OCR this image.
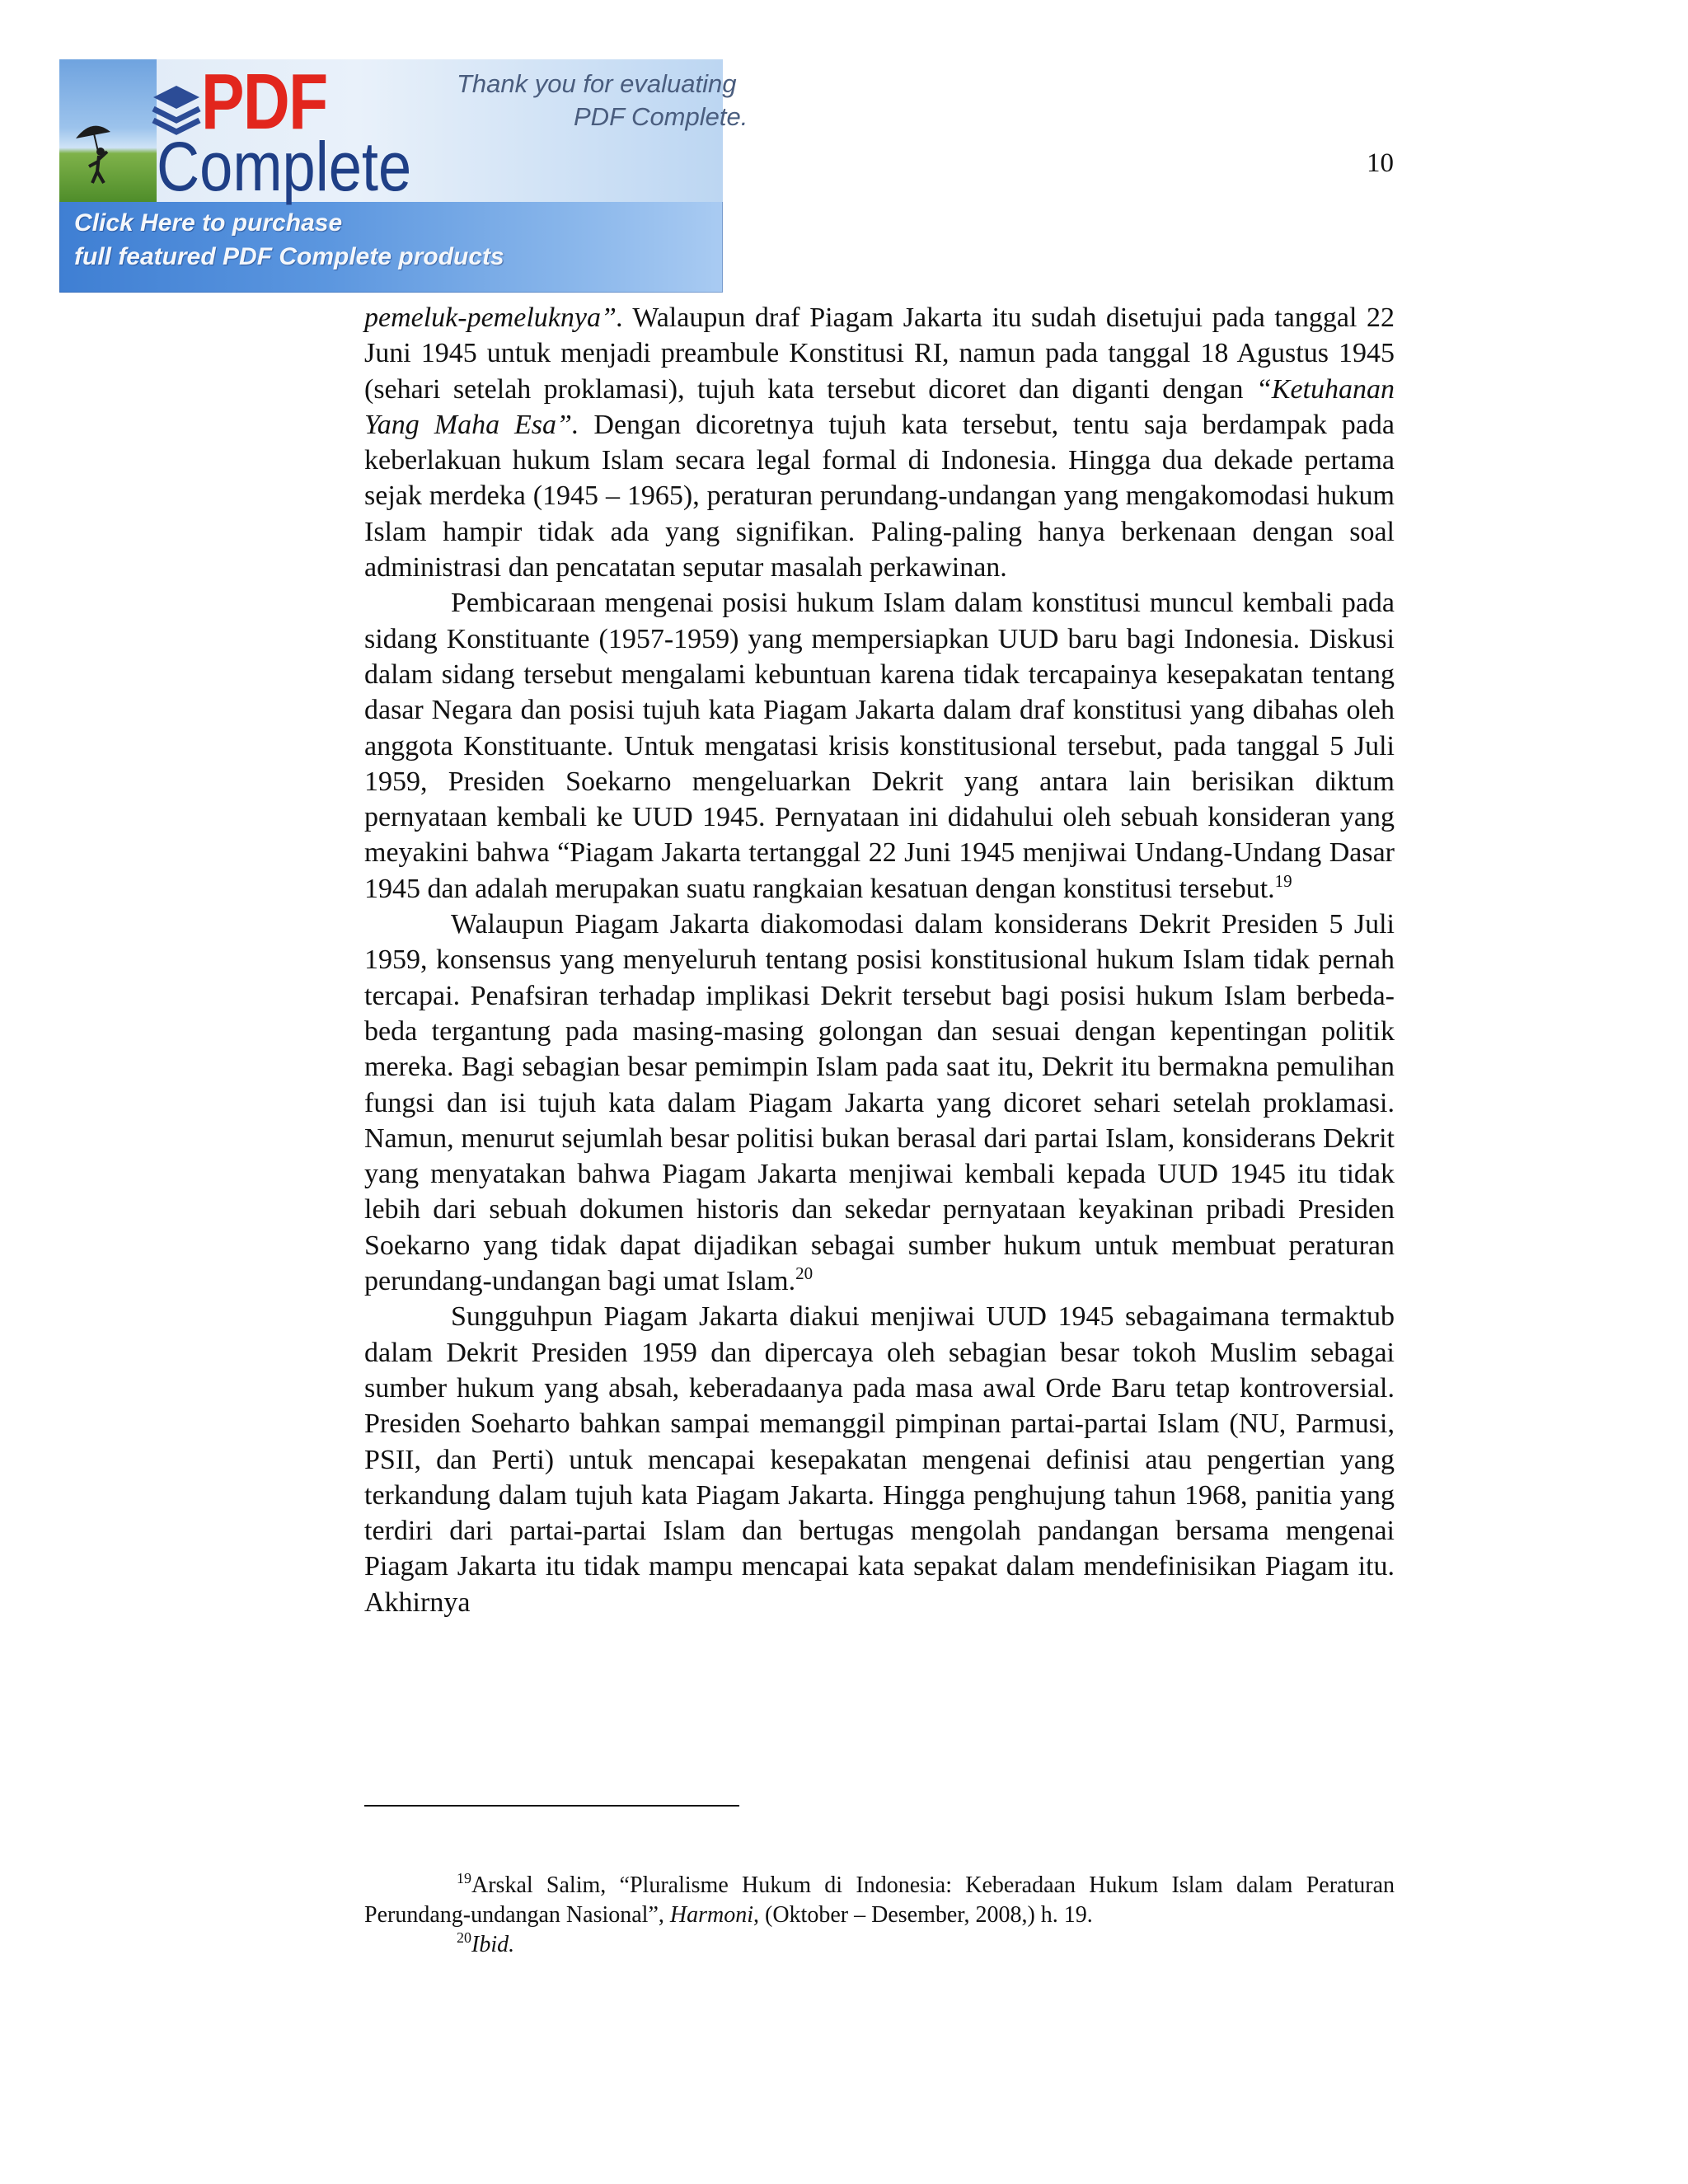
PDF
Complete
Thank you for evaluating
PDF Complete.
Click Here to purchase
full featured PDF Complete products
10

pemeluk-pemeluknya”. Walaupun draf Piagam Jakarta itu sudah disetujui pada tanggal 22 Juni 1945 untuk menjadi preambule Konstitusi RI, namun pada tanggal 18 Agustus 1945 (sehari setelah proklamasi), tujuh kata tersebut dicoret dan diganti dengan “Ketuhanan Yang Maha Esa”. Dengan dicoretnya tujuh kata tersebut, tentu saja berdampak pada keberlakuan hukum Islam secara legal formal di Indonesia. Hingga dua dekade pertama sejak merdeka (1945 – 1965), peraturan perundang-undangan yang mengakomodasi hukum Islam hampir tidak ada yang signifikan. Paling-paling hanya berkenaan dengan soal administrasi dan pencatatan seputar masalah perkawinan.

Pembicaraan mengenai posisi hukum Islam dalam konstitusi muncul kembali pada sidang Konstituante (1957-1959) yang mempersiapkan UUD baru bagi Indonesia. Diskusi dalam sidang tersebut mengalami kebuntuan karena tidak tercapainya kesepakatan tentang dasar Negara dan posisi tujuh kata Piagam Jakarta dalam draf konstitusi yang dibahas oleh anggota Konstituante. Untuk mengatasi krisis konstitusional tersebut, pada tanggal 5 Juli 1959, Presiden Soekarno mengeluarkan Dekrit yang antara lain berisikan diktum pernyataan kembali ke UUD 1945. Pernyataan ini didahului oleh sebuah konsideran yang meyakini bahwa “Piagam Jakarta tertanggal 22 Juni 1945 menjiwai Undang-Undang Dasar 1945 dan adalah merupakan suatu rangkaian kesatuan dengan konstitusi tersebut.$^{19}$

Walaupun Piagam Jakarta diakomodasi dalam konsiderans Dekrit Presiden 5 Juli 1959, konsensus yang menyeluruh tentang posisi konstitusional hukum Islam tidak pernah tercapai. Penafsiran terhadap implikasi Dekrit tersebut bagi posisi hukum Islam berbeda-beda tergantung pada masing-masing golongan dan sesuai dengan kepentingan politik mereka. Bagi sebagian besar pemimpin Islam pada saat itu, Dekrit itu bermakna pemulihan fungsi dan isi tujuh kata dalam Piagam Jakarta yang dicoret sehari setelah proklamasi. Namun, menurut sejumlah besar politisi bukan berasal dari partai Islam, konsiderans Dekrit yang menyatakan bahwa Piagam Jakarta menjiwai kembali kepada UUD 1945 itu tidak lebih dari sebuah dokumen historis dan sekedar pernyataan keyakinan pribadi Presiden Soekarno yang tidak dapat dijadikan sebagai sumber hukum untuk membuat peraturan perundang-undangan bagi umat Islam.$^{20}$

Sungguhpun Piagam Jakarta diakui menjiwai UUD 1945 sebagaimana termaktub dalam Dekrit Presiden 1959 dan dipercaya oleh sebagian besar tokoh Muslim sebagai sumber hukum yang absah, keberadaanya pada masa awal Orde Baru tetap kontroversial. Presiden Soeharto bahkan sampai memanggil pimpinan partai-partai Islam (NU, Parmusi, PSII, dan Perti) untuk mencapai kesepakatan mengenai definisi atau pengertian yang terkandung dalam tujuh kata Piagam Jakarta. Hingga penghujung tahun 1968, panitia yang terdiri dari partai-partai Islam dan bertugas mengolah pandangan bersama mengenai Piagam Jakarta itu tidak mampu mencapai kata sepakat dalam mendefinisikan Piagam itu. Akhirnya

$^{19}$Arskal Salim, “Pluralisme Hukum di Indonesia: Keberadaan Hukum Islam dalam Peraturan Perundang-undangan Nasional”, Harmoni, (Oktober – Desember, 2008,) h. 19.

$^{20}$Ibid.
